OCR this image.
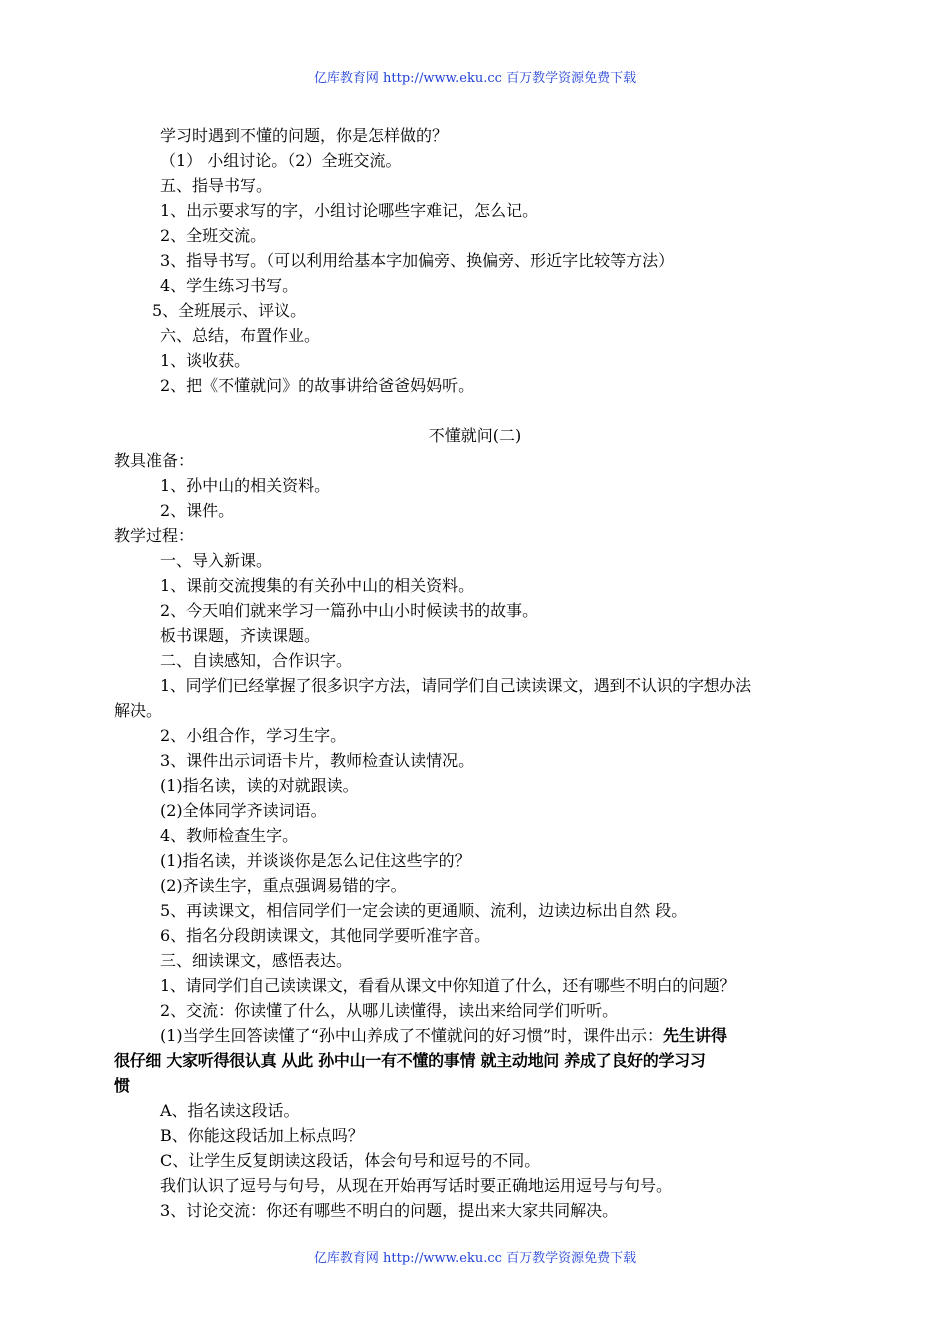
亿库教育网 http://www.eku.cc 百万教学资源免费下载
学习时遇到不懂的问题，你是怎样做的？
（1） 小组讨论。（2）全班交流。
五、指导书写。
1、出示要求写的字，小组讨论哪些字难记，怎么记。
2、全班交流。
3、指导书写。（可以利用给基本字加偏旁、换偏旁、形近字比较等方法）
4、学生练习书写。
5、全班展示、评议。
六、总结，布置作业。
1、谈收获。
2、把《不懂就问》的故事讲给爸爸妈妈听。
不懂就问(二)
教具准备：
1、孙中山的相关资料。
2、课件。
教学过程：
一、导入新课。
1、课前交流搜集的有关孙中山的相关资料。
2、今天咱们就来学习一篇孙中山小时候读书的故事。
板书课题，齐读课题。
二、自读感知，合作识字。
1、同学们已经掌握了很多识字方法，请同学们自己读读课文，遇到不认识的字想办法
解决。
2、小组合作，学习生字。
3、课件出示词语卡片，教师检查认读情况。
(1)指名读，读的对就跟读。
(2)全体同学齐读词语。
4、教师检查生字。
(1)指名读，并谈谈你是怎么记住这些字的？
(2)齐读生字，重点强调易错的字。
5、再读课文，相信同学们一定会读的更通顺、流利，边读边标出自然 段。
6、指名分段朗读课文，其他同学要听准字音。
三、细读课文，感悟表达。
1、请同学们自己读读课文，看看从课文中你知道了什么，还有哪些不明白的问题？
2、交流：你读懂了什么，从哪儿读懂得，读出来给同学们听听。
(1)当学生回答读懂了“孙中山养成了不懂就问的好习惯”时，课件出示：先生讲得
很仔细 大家听得很认真 从此 孙中山一有不懂的事情 就主动地问 养成了良好的学习习
惯
A、指名读这段话。
B、你能这段话加上标点吗？
C、让学生反复朗读这段话，体会句号和逗号的不同。
我们认识了逗号与句号，从现在开始再写话时要正确地运用逗号与句号。
3、讨论交流：你还有哪些不明白的问题，提出来大家共同解决。
亿库教育网 http://www.eku.cc 百万教学资源免费下载
